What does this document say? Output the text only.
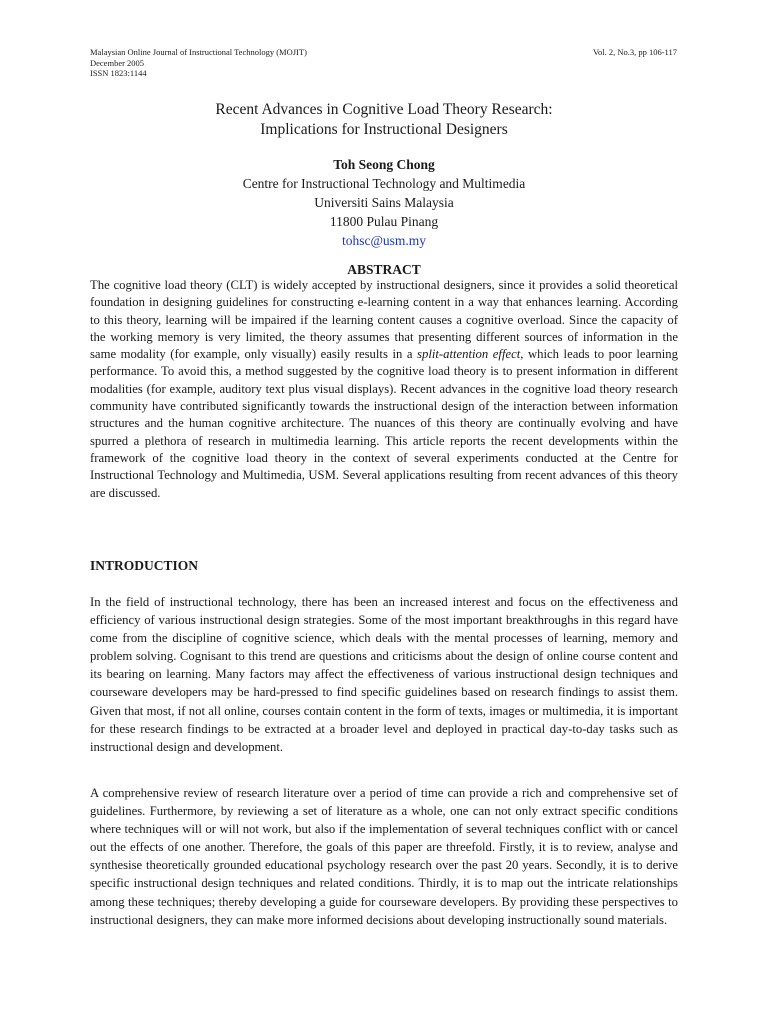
Malaysian Online Journal of Instructional Technology (MOJIT)
December 2005
ISSN 1823:1144
Vol. 2, No.3, pp 106-117
Recent Advances in Cognitive Load Theory Research:
Implications for Instructional Designers
Toh Seong Chong
Centre for Instructional Technology and Multimedia
Universiti Sains Malaysia
11800 Pulau Pinang
tohsc@usm.my
ABSTRACT

The cognitive load theory (CLT) is widely accepted by instructional designers, since it provides a solid theoretical foundation in designing guidelines for constructing e-learning content in a way that enhances learning. According to this theory, learning will be impaired if the learning content causes a cognitive overload. Since the capacity of the working memory is very limited, the theory assumes that presenting different sources of information in the same modality (for example, only visually) easily results in a split-attention effect, which leads to poor learning performance. To avoid this, a method suggested by the cognitive load theory is to present information in different modalities (for example, auditory text plus visual displays). Recent advances in the cognitive load theory research community have contributed significantly towards the instructional design of the interaction between information structures and the human cognitive architecture. The nuances of this theory are continually evolving and have spurred a plethora of research in multimedia learning. This article reports the recent developments within the framework of the cognitive load theory in the context of several experiments conducted at the Centre for Instructional Technology and Multimedia, USM. Several applications resulting from recent advances of this theory are discussed.

INTRODUCTION

In the field of instructional technology, there has been an increased interest and focus on the effectiveness and efficiency of various instructional design strategies. Some of the most important breakthroughs in this regard have come from the discipline of cognitive science, which deals with the mental processes of learning, memory and problem solving. Cognisant to this trend are questions and criticisms about the design of online course content and its bearing on learning. Many factors may affect the effectiveness of various instructional design techniques and courseware developers may be hard-pressed to find specific guidelines based on research findings to assist them. Given that most, if not all online, courses contain content in the form of texts, images or multimedia, it is important for these research findings to be extracted at a broader level and deployed in practical day-to-day tasks such as instructional design and development.

A comprehensive review of research literature over a period of time can provide a rich and comprehensive set of guidelines. Furthermore, by reviewing a set of literature as a whole, one can not only extract specific conditions where techniques will or will not work, but also if the implementation of several techniques conflict with or cancel out the effects of one another. Therefore, the goals of this paper are threefold. Firstly, it is to review, analyse and synthesise theoretically grounded educational psychology research over the past 20 years. Secondly, it is to derive specific instructional design techniques and related conditions. Thirdly, it is to map out the intricate relationships among these techniques; thereby developing a guide for courseware developers. By providing these perspectives to instructional designers, they can make more informed decisions about developing instructionally sound materials.
